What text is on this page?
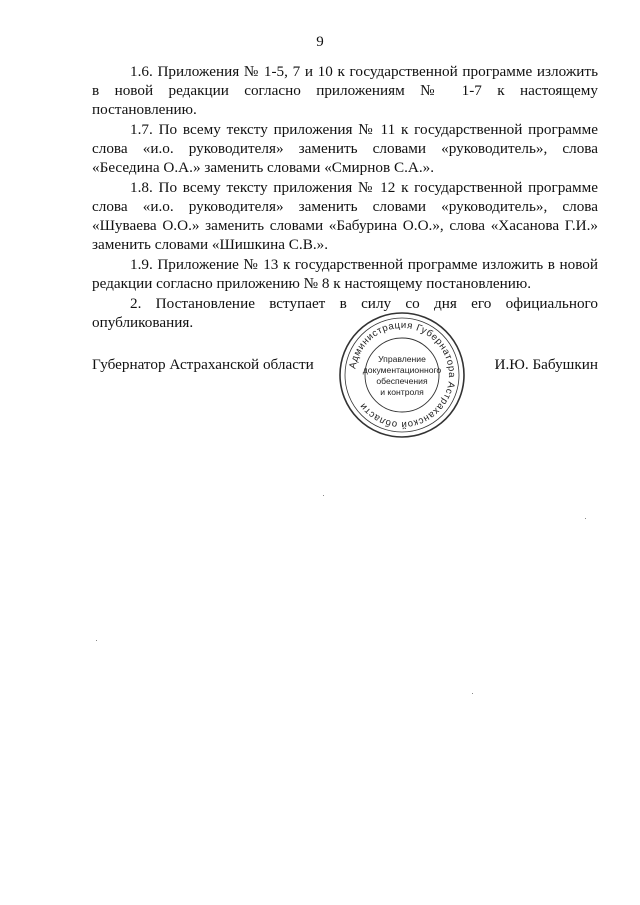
9

1.6. Приложения № 1-5, 7 и 10 к государственной программе изложить в новой редакции согласно приложениям № 1-7 к настоящему постановлению.

1.7. По всему тексту приложения № 11 к государственной программе слова «и.о. руководителя» заменить словами «руководитель», слова «Беседина О.А.» заменить словами «Смирнов С.А.».

1.8. По всему тексту приложения № 12 к государственной программе слова «и.о. руководителя» заменить словами «руководитель», слова «Шуваева О.О.» заменить словами «Бабурина О.О.», слова «Хасанова Г.И.» заменить словами «Шишкина С.В.».

1.9. Приложение № 13 к государственной программе изложить в новой редакции согласно приложению № 8 к настоящему постановлению.

2. Постановление вступает в силу со дня его официального опубликования.

Губернатор Астраханской области	И.Ю. Бабушкин
Администрация Губернатора Астраханской области
Управление
документационного
обеспечения
и контроля
